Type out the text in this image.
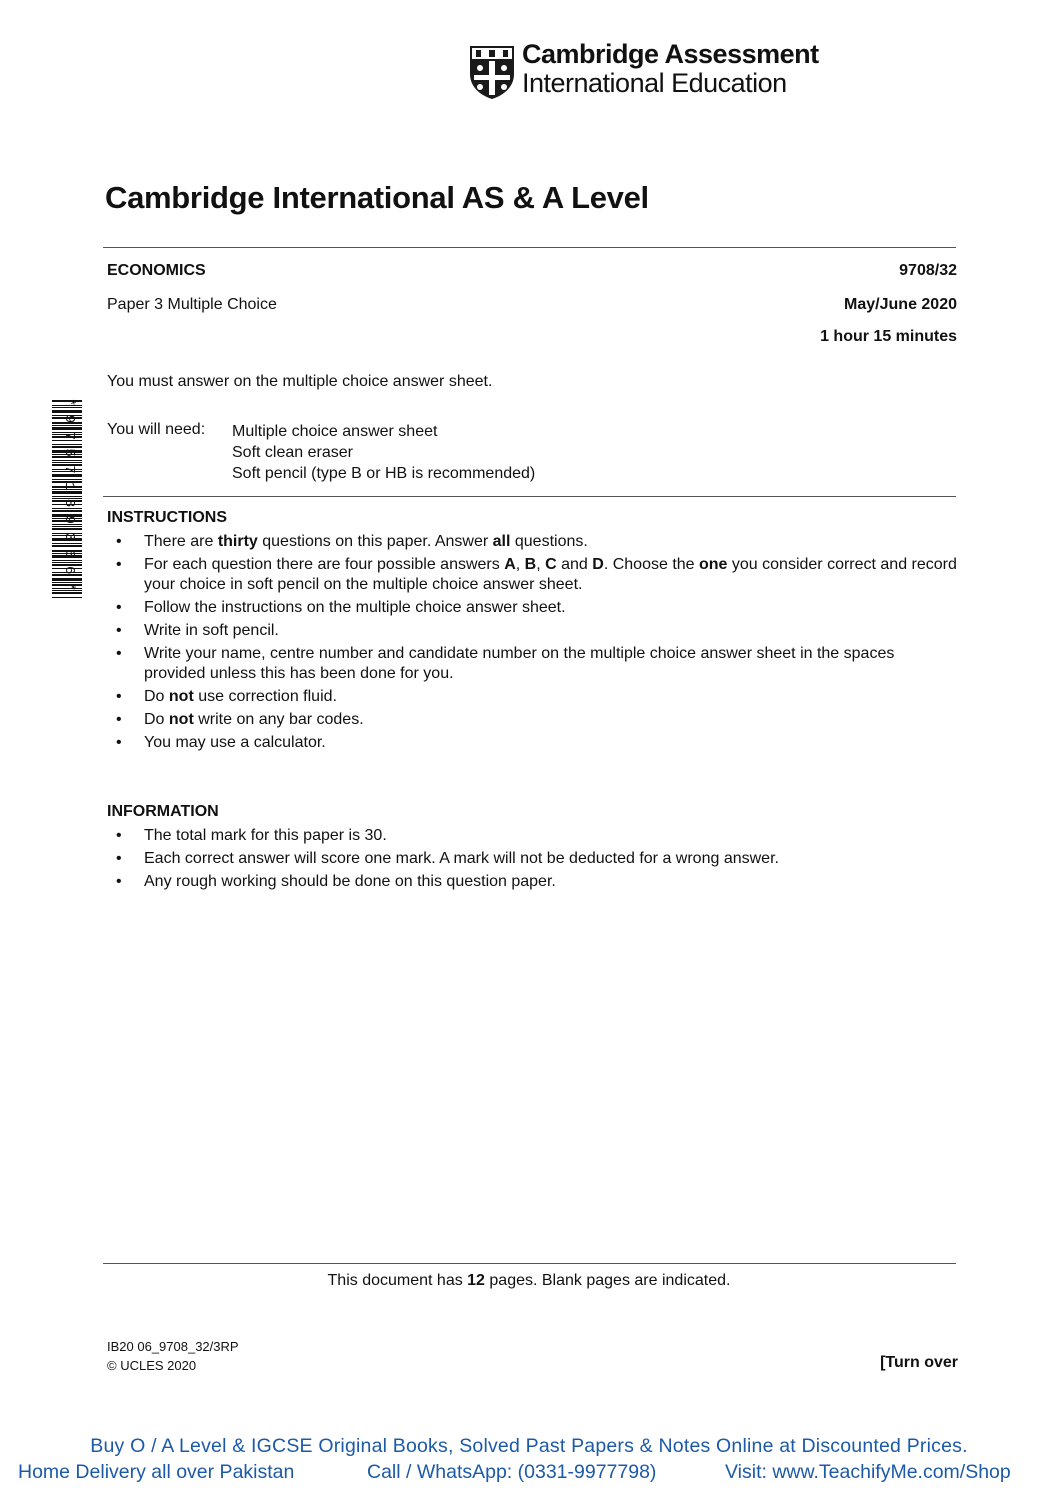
Cambridge Assessment
International Education
Cambridge International AS & A Level
ECONOMICS	9708/32
Paper 3 Multiple Choice	May/June 2020
1 hour 15 minutes
You must answer on the multiple choice answer sheet.
You will need: Multiple choice answer sheet
Soft clean eraser
Soft pencil (type B or HB is recommended)
* 9 7 5 7 1 8 9 3 6 6 * INSTRUCTIONS
•	There are thirty questions on this paper. Answer all questions.
•	For each question there are four possible answers A, B, C and D. Choose the one you consider correct and record your choice in soft pencil on the multiple choice answer sheet.
•	Follow the instructions on the multiple choice answer sheet.
•	Write in soft pencil.
•	Write your name, centre number and candidate number on the multiple choice answer sheet in the spaces provided unless this has been done for you.
•	Do not use correction fluid.
•	Do not write on any bar codes.
•	You may use a calculator.
INFORMATION
•	The total mark for this paper is 30.
•	Each correct answer will score one mark. A mark will not be deducted for a wrong answer.
•	Any rough working should be done on this question paper.
This document has 12 pages. Blank pages are indicated.
IB20 06_9708_32/3RP
© UCLES 2020	[Turn over
Buy O / A Level & IGCSE Original Books, Solved Past Papers & Notes Online at Discounted Prices.
Home Delivery all over Pakistan	Call / WhatsApp: (0331-9977798)	Visit: www.TeachifyMe.com/Shop
